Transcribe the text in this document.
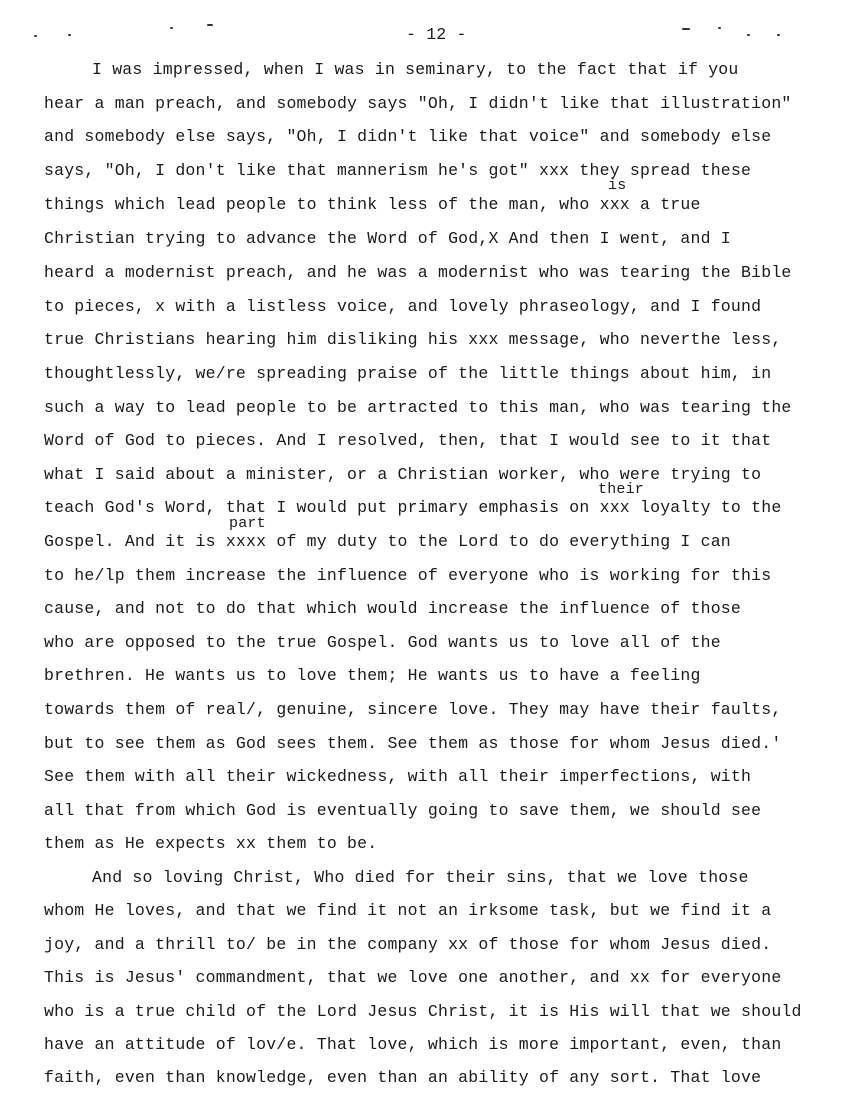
- 12 -
is
their
part
I was impressed, when I was in seminary, to the fact that if you
hear a man preach, and somebody says "Oh, I didn't like that illustration"
and somebody else says, "Oh, I didn't like that voice" and somebody else
says, "Oh, I don't like that mannerism he's got" xxx they spread these
things which lead people to think less of the man, who xxx a true
Christian trying to advance the Word of God,X And then I went, and I
heard a modernist preach, and he was a modernist who was tearing the Bible
to pieces, x with a listless voice, and lovely phraseology, and I found
true Christians hearing him disliking his xxx message, who neverthe less,
thoughtlessly, we/re spreading praise of the little things about him, in
such a way to lead people to be artracted to this man, who was tearing the
Word of God to pieces. And I resolved, then, that I would see to it that
what I said about a minister, or a Christian worker, who were trying to
teach God's Word, that I would put primary emphasis on xxx loyalty to the
Gospel. And it is xxxx of my duty to the Lord to do everything I can
to he/lp them increase the influence of everyone who is working for this
cause, and not to do that which would increase the influence of those
who are opposed to the true Gospel. God wants us to love all of the
brethren. He wants us to love them; He wants us to have a feeling
towards them of real/, genuine, sincere love. They may have their faults,
but to see them as God sees them. See them as those for whom Jesus died.'
See them with all their wickedness, with all their imperfections, with
all that from which God is eventually going to save them, we should see
them as He expects xx them to be.
And so loving Christ, Who died for their sins, that we love those
whom He loves, and that we find it not an irksome task, but we find it a
joy, and a thrill to/ be in the company xx of those for whom Jesus died.
This is Jesus' commandment, that we love one another, and xx for everyone
who is a true child of the Lord Jesus Christ, it is His will that we should
have an attitude of lov/e. That love, which is more important, even, than
faith, even than knowledge, even than an ability of any sort. That love
